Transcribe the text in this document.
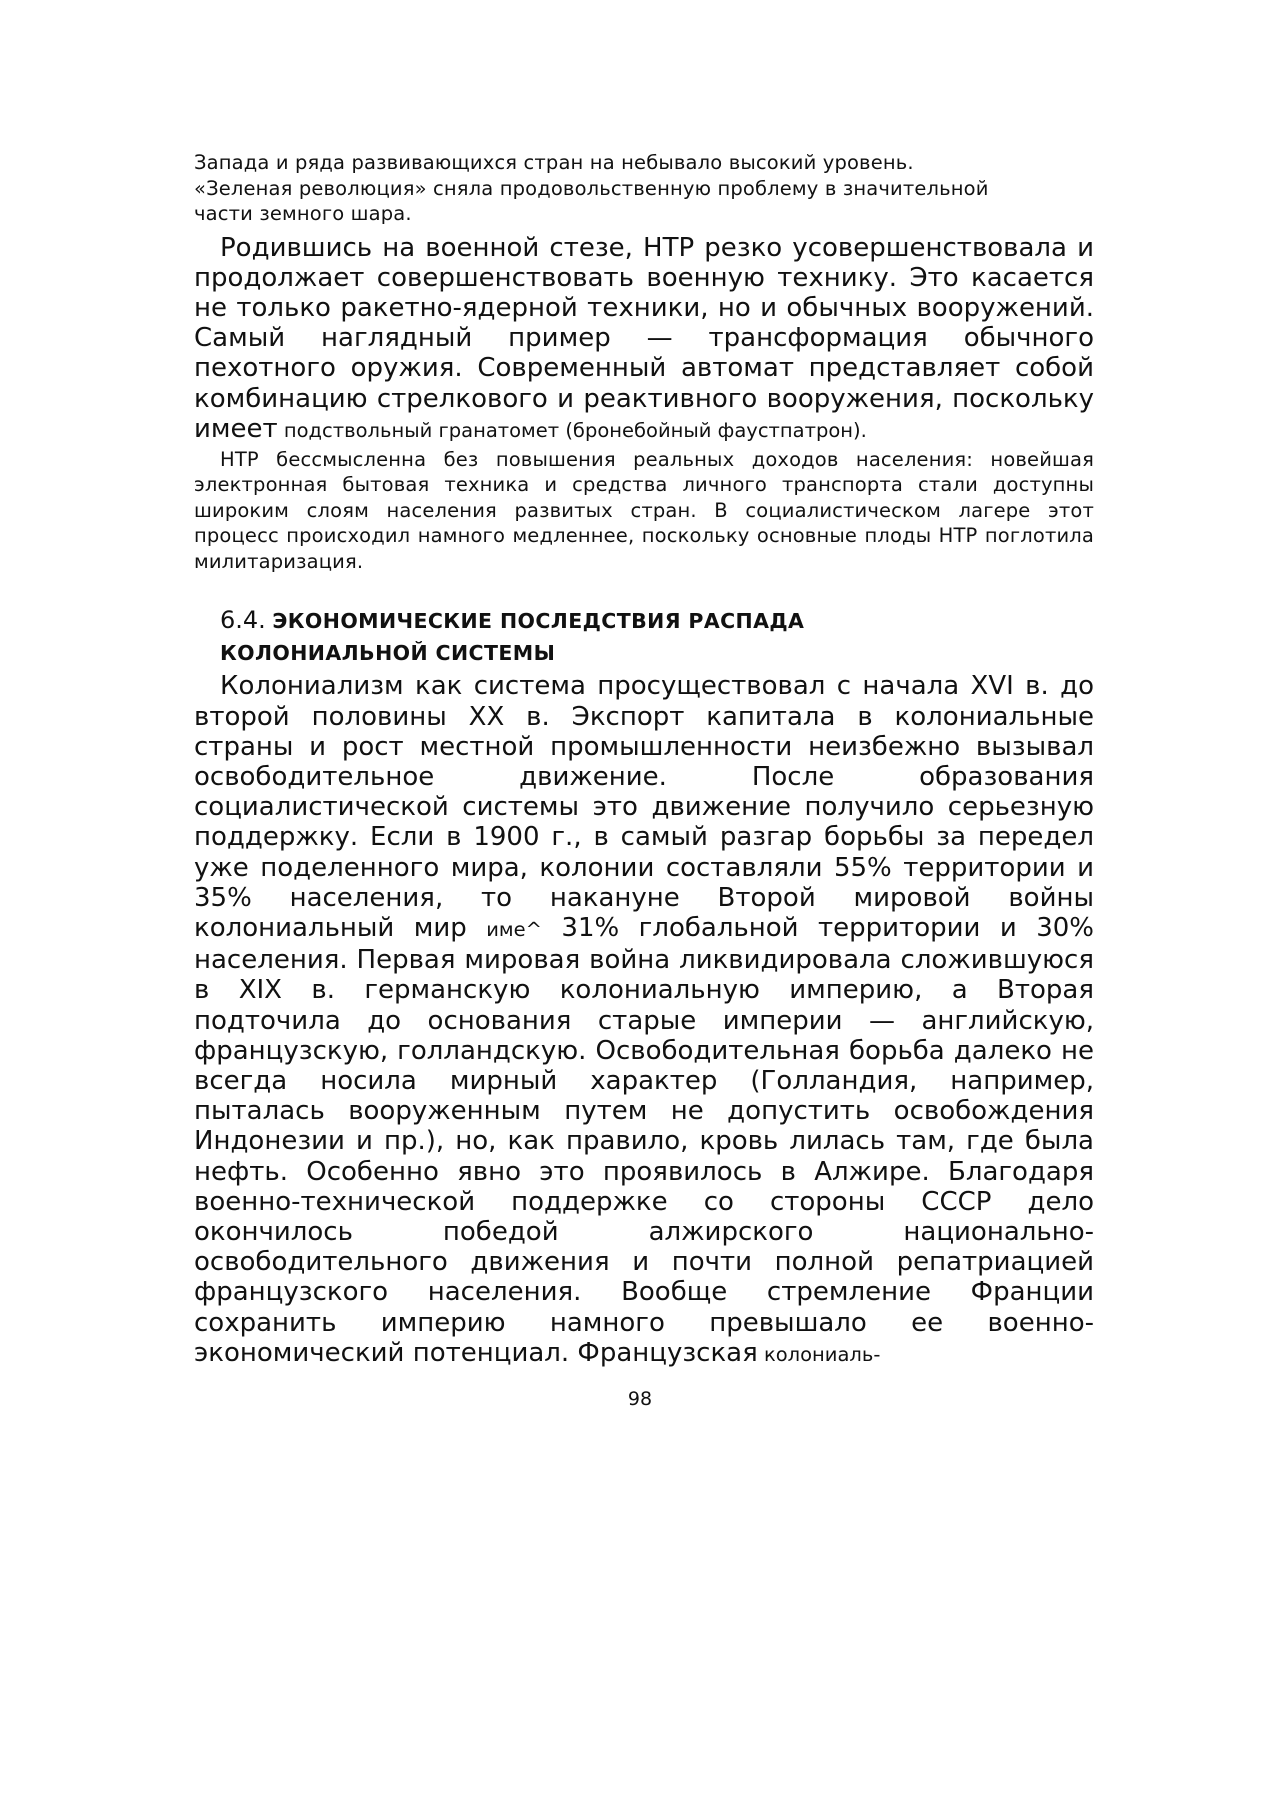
Запада и ряда развивающихся стран на небывало высокий уровень.
«Зеленая революция» сняла продовольственную проблему в значительной
части земного шара.

Родившись на военной стезе, НТР резко усовершенствовала и продолжает совершенствовать военную технику. Это касается не только ракетно-ядерной техники, но и обычных вооружений. Самый наглядный пример — трансформация обычного пехотного оружия. Современный автомат представляет собой комбинацию стрелкового и реактивного вооружения, поскольку имеет подствольный гранатомет (бронебойный фаустпатрон).

НТР бессмысленна без повышения реальных доходов населения: новейшая электронная бытовая техника и средства личного транспорта стали доступны широким слоям населения развитых стран. В социалистическом лагере этот процесс происходил намного медленнее, поскольку основные плоды НТР поглотила милитаризация.

6.4. ЭКОНОМИЧЕСКИЕ ПОСЛЕДСТВИЯ РАСПАДА
КОЛОНИАЛЬНОЙ СИСТЕМЫ

Колониализм как система просуществовал с начала XVI в. до второй половины XX в. Экспорт капитала в колониальные страны и рост местной промышленности неизбежно вызывал освободительное движение. После образования социалистической системы это движение получило серьезную поддержку. Если в 1900 г., в самый разгар борьбы за передел уже поделенного мира, колонии составляли 55% территории и 35% населения, то накануне Второй мировой войны колониальный мир име^ 31% глобальной территории и 30% населения. Первая мировая война ликвидировала сложившуюся в XIX в. германскую колониальную империю, а Вторая подточила до основания старые империи — английскую, французскую, голландскую. Освободительная борьба далеко не всегда носила мирный характер (Голландия, например, пыталась вооруженным путем не допустить освобождения Индонезии и пр.), но, как правило, кровь лилась там, где была нефть. Особенно явно это проявилось в Алжире. Благодаря военно-технической поддержке со стороны СССР дело окончилось победой алжирского национально-освободительного движения и почти полной репатриацией французского населения. Вообще стремление Франции сохранить империю намного превышало ее военно-экономический потенциал. Французская колониаль-

98
